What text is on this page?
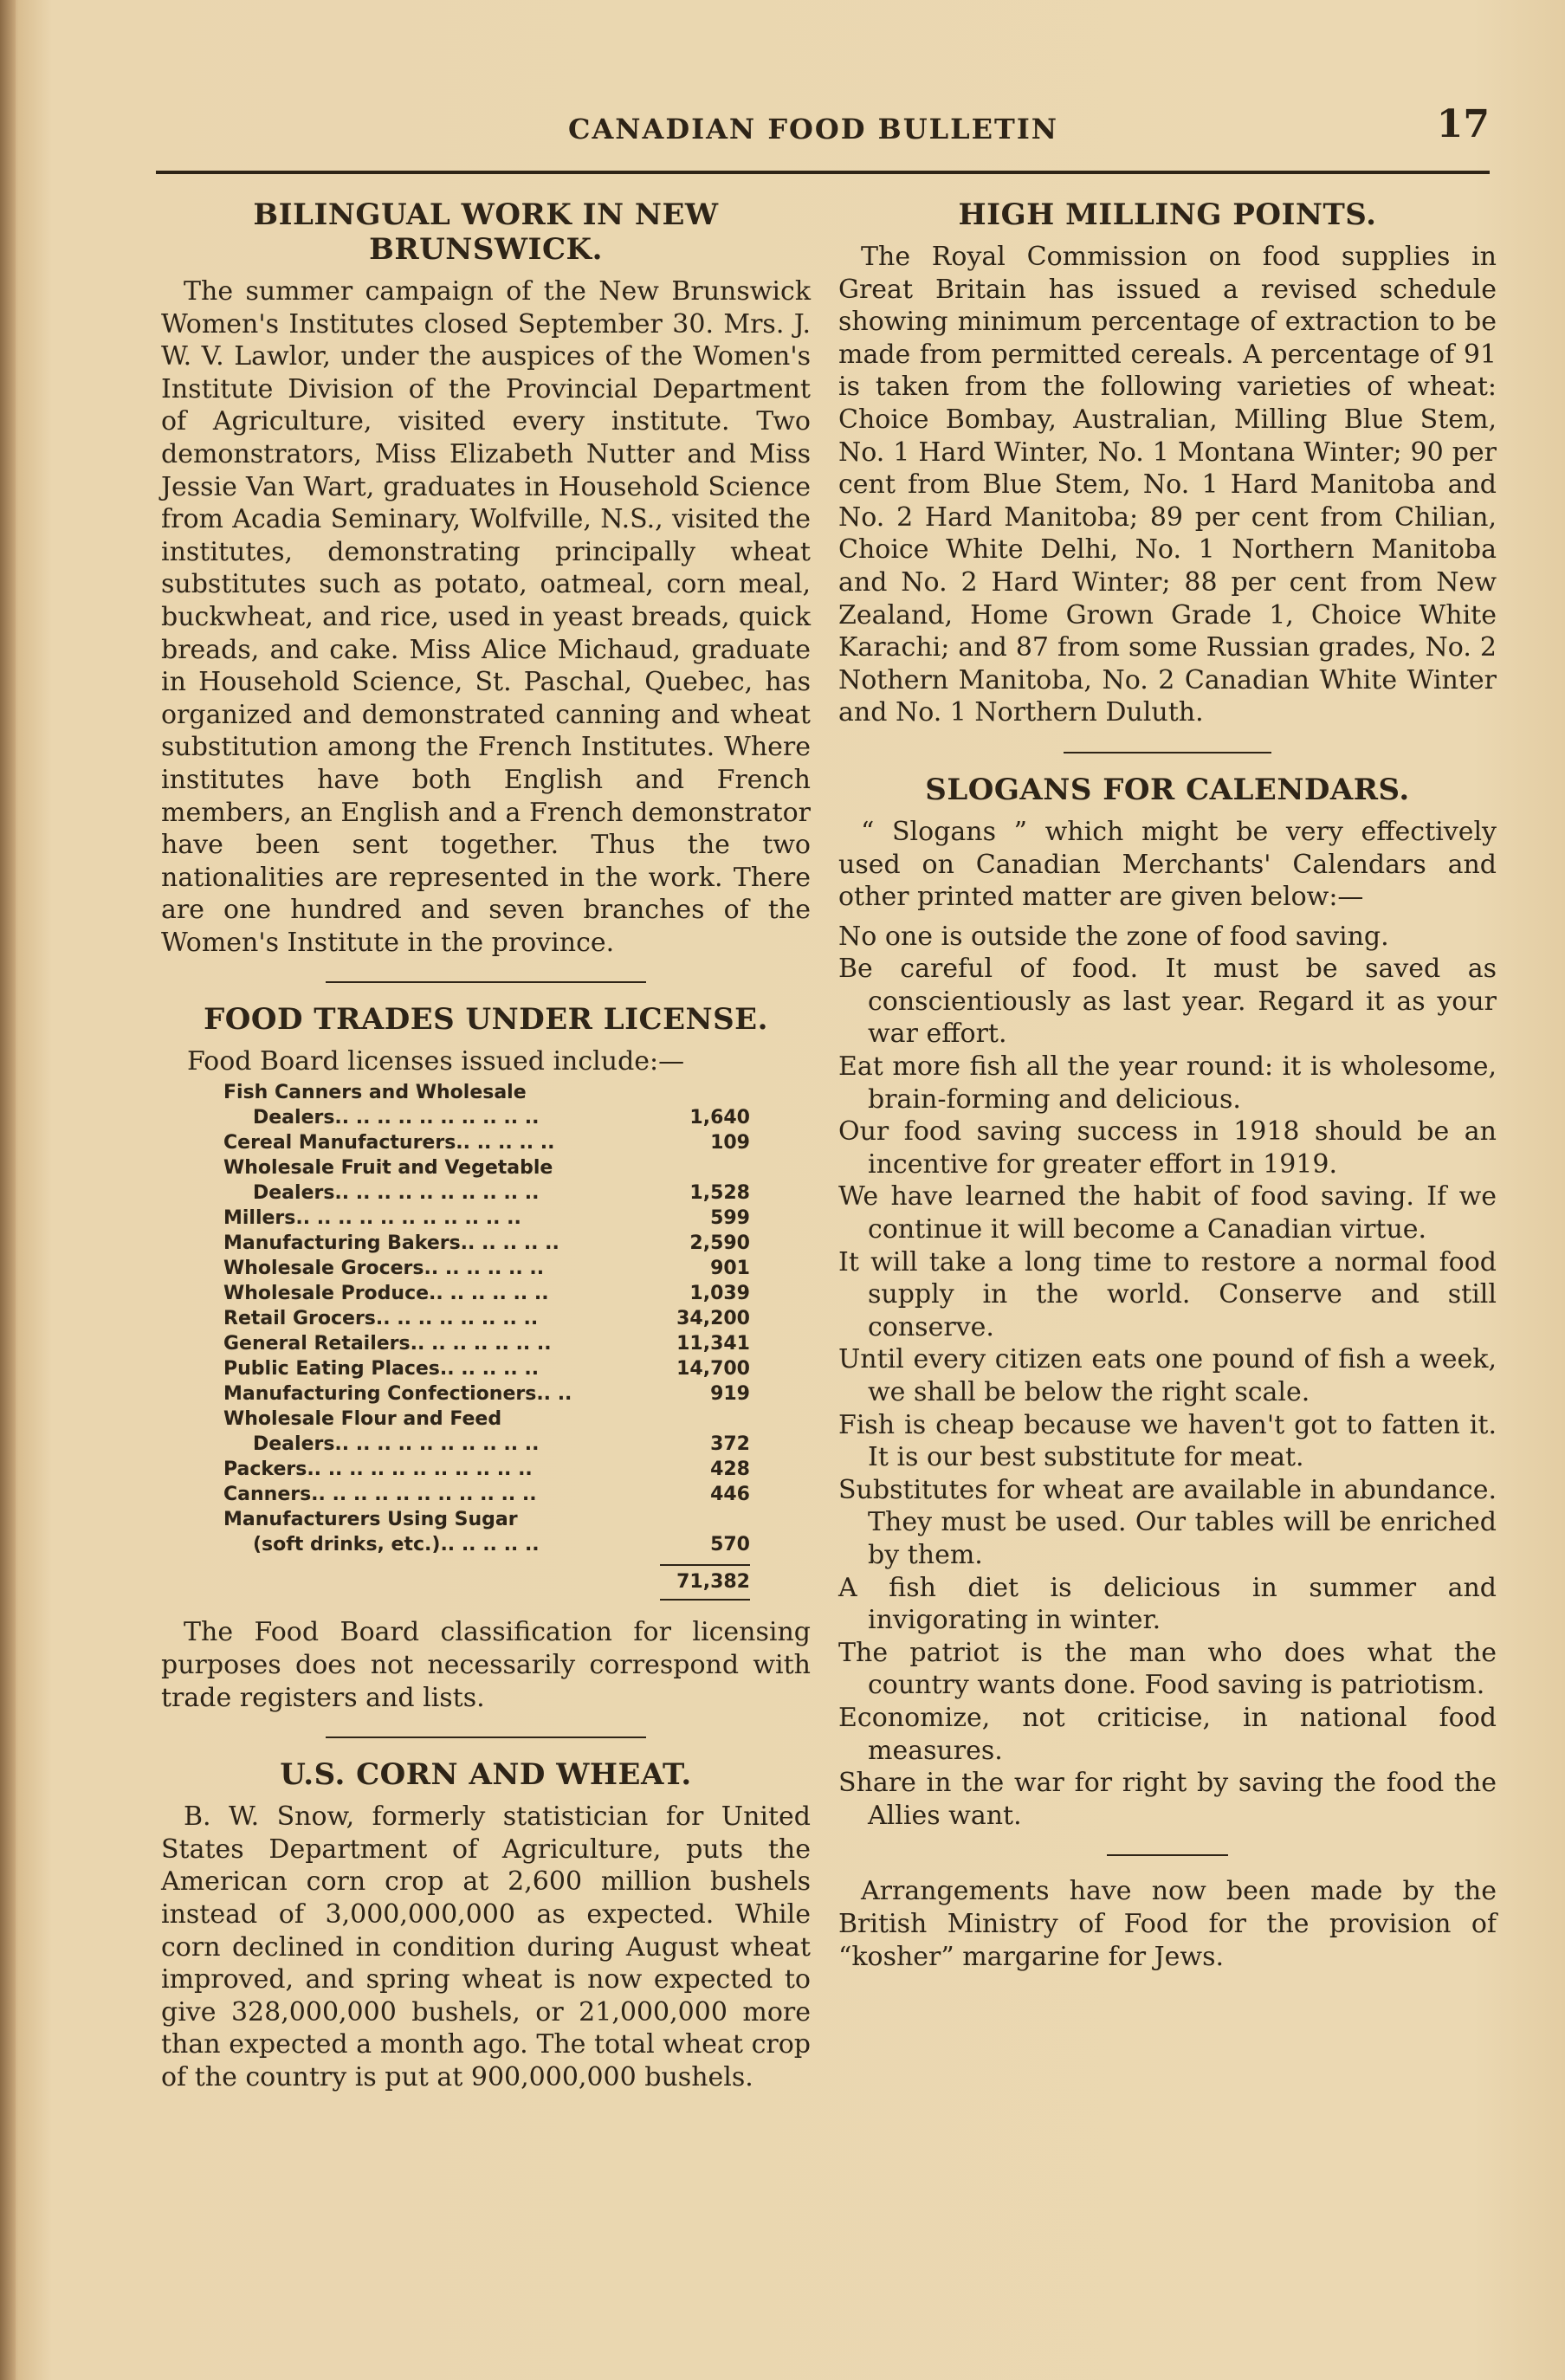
CANADIAN FOOD BULLETIN	17
BILINGUAL WORK IN NEW BRUNSWICK.

The summer campaign of the New Brunswick Women's Institutes closed September 30. Mrs. J. W. V. Lawlor, under the auspices of the Women's Institute Division of the Provincial Department of Agriculture, visited every institute. Two demonstrators, Miss Elizabeth Nutter and Miss Jessie Van Wart, graduates in Household Science from Acadia Seminary, Wolfville, N.S., visited the institutes, demonstrating principally wheat substitutes such as potato, oatmeal, corn meal, buckwheat, and rice, used in yeast breads, quick breads, and cake. Miss Alice Michaud, graduate in Household Science, St. Paschal, Quebec, has organized and demonstrated canning and wheat substitution among the French Institutes. Where institutes have both English and French members, an English and a French demonstrator have been sent together. Thus the two nationalities are represented in the work. There are one hundred and seven branches of the Women's Institute in the province.

FOOD TRADES UNDER LICENSE.
Food Board licenses issued include:—
Fish Canners and Wholesale
Dealers.. .. .. .. .. .. .. .. .. ..	1,640
Cereal Manufacturers.. .. .. .. ..	109
Wholesale Fruit and Vegetable
Dealers.. .. .. .. .. .. .. .. .. ..	1,528
Millers.. .. .. .. .. .. .. .. .. .. ..	599
Manufacturing Bakers.. .. .. .. ..	2,590
Wholesale Grocers.. .. .. .. .. ..	901
Wholesale Produce.. .. .. .. .. ..	1,039
Retail Grocers.. .. .. .. .. .. .. ..	34,200
General Retailers.. .. .. .. .. .. ..	11,341
Public Eating Places.. .. .. .. ..	14,700
Manufacturing Confectioners.. ..	919
Wholesale Flour and Feed
Dealers.. .. .. .. .. .. .. .. .. ..	372
Packers.. .. .. .. .. .. .. .. .. .. ..	428
Canners.. .. .. .. .. .. .. .. .. .. ..	446
Manufacturers Using Sugar
(soft drinks, etc.).. .. .. .. ..	570
71,382

The Food Board classification for licensing purposes does not necessarily correspond with trade registers and lists.

U.S. CORN AND WHEAT.

B. W. Snow, formerly statistician for United States Department of Agriculture, puts the American corn crop at 2,600 million bushels instead of 3,000,000,000 as expected. While corn declined in condition during August wheat improved, and spring wheat is now expected to give 328,000,000 bushels, or 21,000,000 more than expected a month ago. The total wheat crop of the country is put at 900,000,000 bushels.

HIGH MILLING POINTS.

The Royal Commission on food supplies in Great Britain has issued a revised schedule showing minimum percentage of extraction to be made from permitted cereals. A percentage of 91 is taken from the following varieties of wheat: Choice Bombay, Australian, Milling Blue Stem, No. 1 Hard Winter, No. 1 Montana Winter; 90 per cent from Blue Stem, No. 1 Hard Manitoba and No. 2 Hard Manitoba; 89 per cent from Chilian, Choice White Delhi, No. 1 Northern Manitoba and No. 2 Hard Winter; 88 per cent from New Zealand, Home Grown Grade 1, Choice White Karachi; and 87 from some Russian grades, No. 2 Nothern Manitoba, No. 2 Canadian White Winter and No. 1 Northern Duluth.

SLOGANS FOR CALENDARS.

“ Slogans ” which might be very effectively used on Canadian Merchants' Calendars and other printed matter are given below:—

No one is outside the zone of food saving.
Be careful of food. It must be saved as conscientiously as last year. Regard it as your war effort.
Eat more fish all the year round: it is wholesome, brain-forming and delicious.
Our food saving success in 1918 should be an incentive for greater effort in 1919.
We have learned the habit of food saving. If we continue it will become a Canadian virtue.
It will take a long time to restore a normal food supply in the world. Conserve and still conserve.
Until every citizen eats one pound of fish a week, we shall be below the right scale.
Fish is cheap because we haven't got to fatten it. It is our best substitute for meat.
Substitutes for wheat are available in abundance. They must be used. Our tables will be enriched by them.
A fish diet is delicious in summer and invigorating in winter.
The patriot is the man who does what the country wants done. Food saving is patriotism.
Economize, not criticise, in national food measures.
Share in the war for right by saving the food the Allies want.

Arrangements have now been made by the British Ministry of Food for the provision of “kosher” margarine for Jews.
